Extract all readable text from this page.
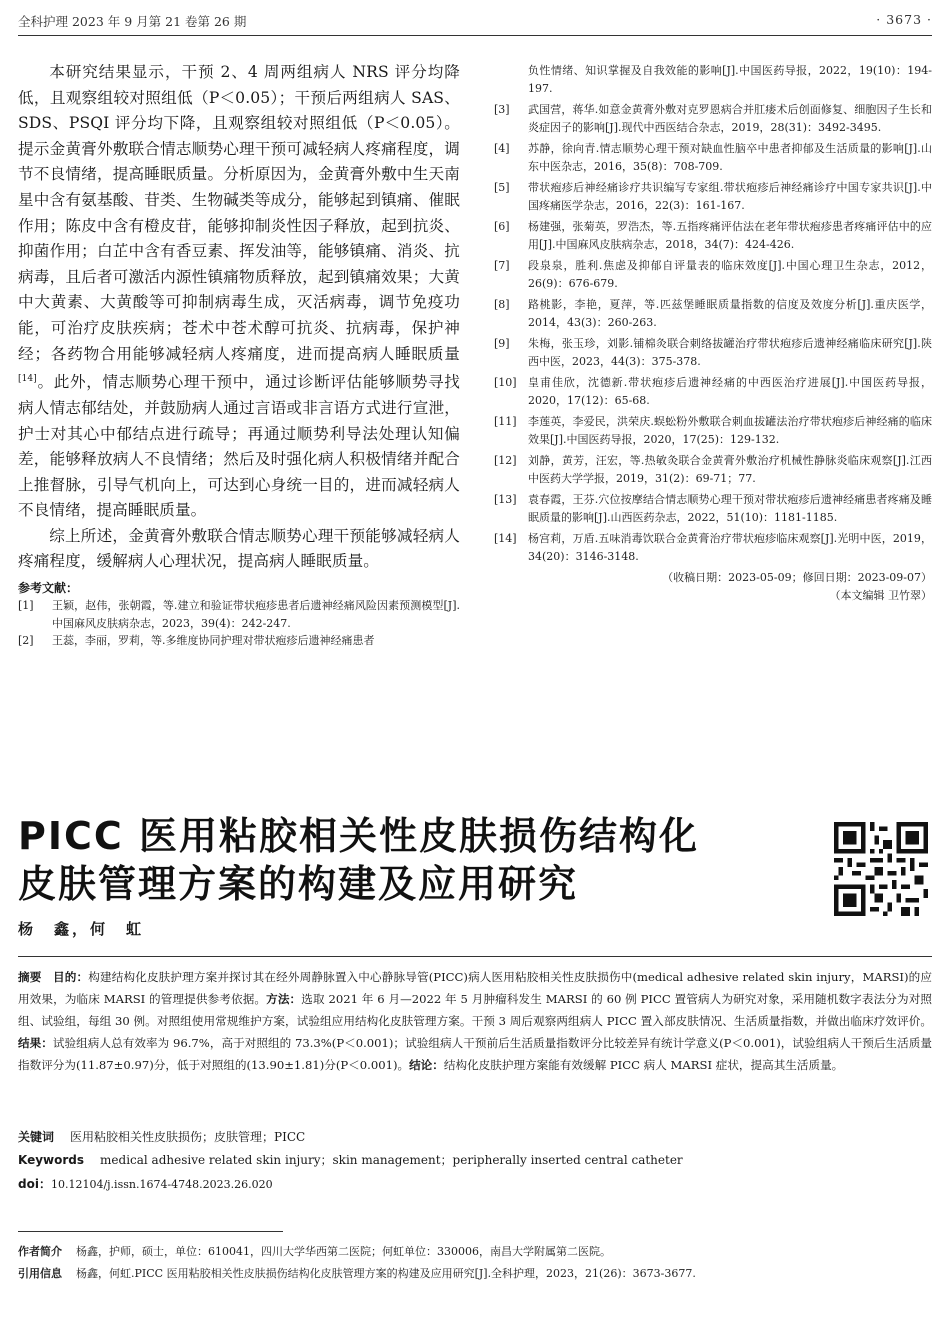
全科护理 2023 年 9 月第 21 卷第 26 期	· 3673 ·

本研究结果显示，干预 2、4 周两组病人 NRS 评分均降低，且观察组较对照组低（P＜0.05）；干预后两组病人 SAS、SDS、PSQI 评分均下降，且观察组较对照组低（P＜0.05）。提示金黄膏外敷联合情志顺势心理干预可减轻病人疼痛程度，调节不良情绪，提高睡眠质量。分析原因为，金黄膏外敷中生天南星中含有氨基酸、苷类、生物碱类等成分，能够起到镇痛、催眠作用；陈皮中含有橙皮苷，能够抑制炎性因子释放，起到抗炎、抑菌作用；白芷中含有香豆素、挥发油等，能够镇痛、消炎、抗病毒，且后者可激活内源性镇痛物质释放，起到镇痛效果；大黄中大黄素、大黄酸等可抑制病毒生成，灭活病毒，调节免疫功能，可治疗皮肤疾病；苍术中苍术醇可抗炎、抗病毒，保护神经；各药物合用能够减轻病人疼痛度，进而提高病人睡眠质量[14]。此外，情志顺势心理干预中，通过诊断评估能够顺势寻找病人情志郁结处，并鼓励病人通过言语或非言语方式进行宣泄，护士对其心中郁结点进行疏导；再通过顺势利导法处理认知偏差，能够释放病人不良情绪；然后及时强化病人积极情绪并配合上推督脉，引导气机向上，可达到心身统一目的，进而减轻病人不良情绪，提高睡眠质量。

综上所述，金黄膏外敷联合情志顺势心理干预能够减轻病人疼痛程度，缓解病人心理状况，提高病人睡眠质量。

参考文献：
[1]	王颖，赵伟，张朝霞，等.建立和验证带状疱疹患者后遗神经痛风险因素预测模型[J].中国麻风皮肤病杂志，2023，39(4)：242-247.
[2]	王蕊，李丽，罗莉，等.多维度协同护理对带状疱疹后遗神经痛患者
负性情绪、知识掌握及自我效能的影响[J].中国医药导报，2022，19(10)：194-197.
[3]	武国营，蒋华.如意金黄膏外敷对克罗恩病合并肛瘘术后创面修复、细胞因子生长和炎症因子的影响[J].现代中西医结合杂志，2019，28(31)：3492-3495.
[4]	苏静，徐向青.情志顺势心理干预对缺血性脑卒中患者抑郁及生活质量的影响[J].山东中医杂志，2016，35(8)：708-709.
[5]	带状疱疹后神经痛诊疗共识编写专家组.带状疱疹后神经痛诊疗中国专家共识[J].中国疼痛医学杂志，2016，22(3)：161-167.
[6]	杨建强，张菊英，罗浩杰，等.五指疼痛评估法在老年带状疱疹患者疼痛评估中的应用[J].中国麻风皮肤病杂志，2018，34(7)：424-426.
[7]	段泉泉，胜利.焦虑及抑郁自评量表的临床效度[J].中国心理卫生杂志，2012，26(9)：676-679.
[8]	路桃影，李艳，夏萍，等.匹兹堡睡眠质量指数的信度及效度分析[J].重庆医学，2014，43(3)：260-263.
[9]	朱梅，张玉珍，刘影.铺棉灸联合刺络拔罐治疗带状疱疹后遗神经痛临床研究[J].陕西中医，2023，44(3)：375-378.
[10]	皇甫佳欣，沈德新.带状疱疹后遗神经痛的中西医治疗进展[J].中国医药导报，2020，17(12)：65-68.
[11]	李莲英，李爱民，洪荣庆.蜈蚣粉外敷联合刺血拔罐法治疗带状疱疹后神经痛的临床效果[J].中国医药导报，2020，17(25)：129-132.
[12]	刘静，黄芳，汪宏，等.热敏灸联合金黄膏外敷治疗机械性静脉炎临床观察[J].江西中医药大学学报，2019，31(2)：69-71；77.
[13]	袁春霞，王芬.穴位按摩结合情志顺势心理干预对带状疱疹后遗神经痛患者疼痛及睡眠质量的影响[J].山西医药杂志，2022，51(10)：1181-1185.
[14]	杨宫莉，万盾.五味消毒饮联合金黄膏治疗带状疱疹临床观察[J].光明中医，2019，34(20)：3146-3148.
（收稿日期：2023-05-09；修回日期：2023-09-07）
（本文编辑 卫竹翠）
PICC 医用粘胶相关性皮肤损伤结构化
皮肤管理方案的构建及应用研究
杨　鑫，何　虹
摘要 目的：构建结构化皮肤护理方案并探讨其在经外周静脉置入中心静脉导管(PICC)病人医用粘胶相关性皮肤损伤中(medical adhesive related skin injury，MARSI)的应用效果，为临床 MARSI 的管理提供参考依据。方法：选取 2021 年 6 月—2022 年 5 月肿瘤科发生 MARSI 的 60 例 PICC 置管病人为研究对象，采用随机数字表法分为对照组、试验组，每组 30 例。对照组使用常规维护方案，试验组应用结构化皮肤管理方案。干预 3 周后观察两组病人 PICC 置入部皮肤情况、生活质量指数，并做出临床疗效评价。结果：试验组病人总有效率为 96.7%，高于对照组的 73.3%(P＜0.001)；试验组病人干预前后生活质量指数评分比较差异有统计学意义(P＜0.001)，试验组病人干预后生活质量指数评分为(11.87±0.97)分，低于对照组的(13.90±1.81)分(P＜0.001)。结论：结构化皮肤护理方案能有效缓解 PICC 病人 MARSI 症状，提高其生活质量。
关键词 医用粘胶相关性皮肤损伤；皮肤管理；PICC
Keywords medical adhesive related skin injury；skin management；peripherally inserted central catheter
doi：10.12104/j.issn.1674-4748.2023.26.020
作者简介 杨鑫，护师，硕士，单位：610041，四川大学华西第二医院；何虹单位：330006，南昌大学附属第二医院。
引用信息 杨鑫，何虹.PICC 医用粘胶相关性皮肤损伤结构化皮肤管理方案的构建及应用研究[J].全科护理，2023，21(26)：3673-3677.
